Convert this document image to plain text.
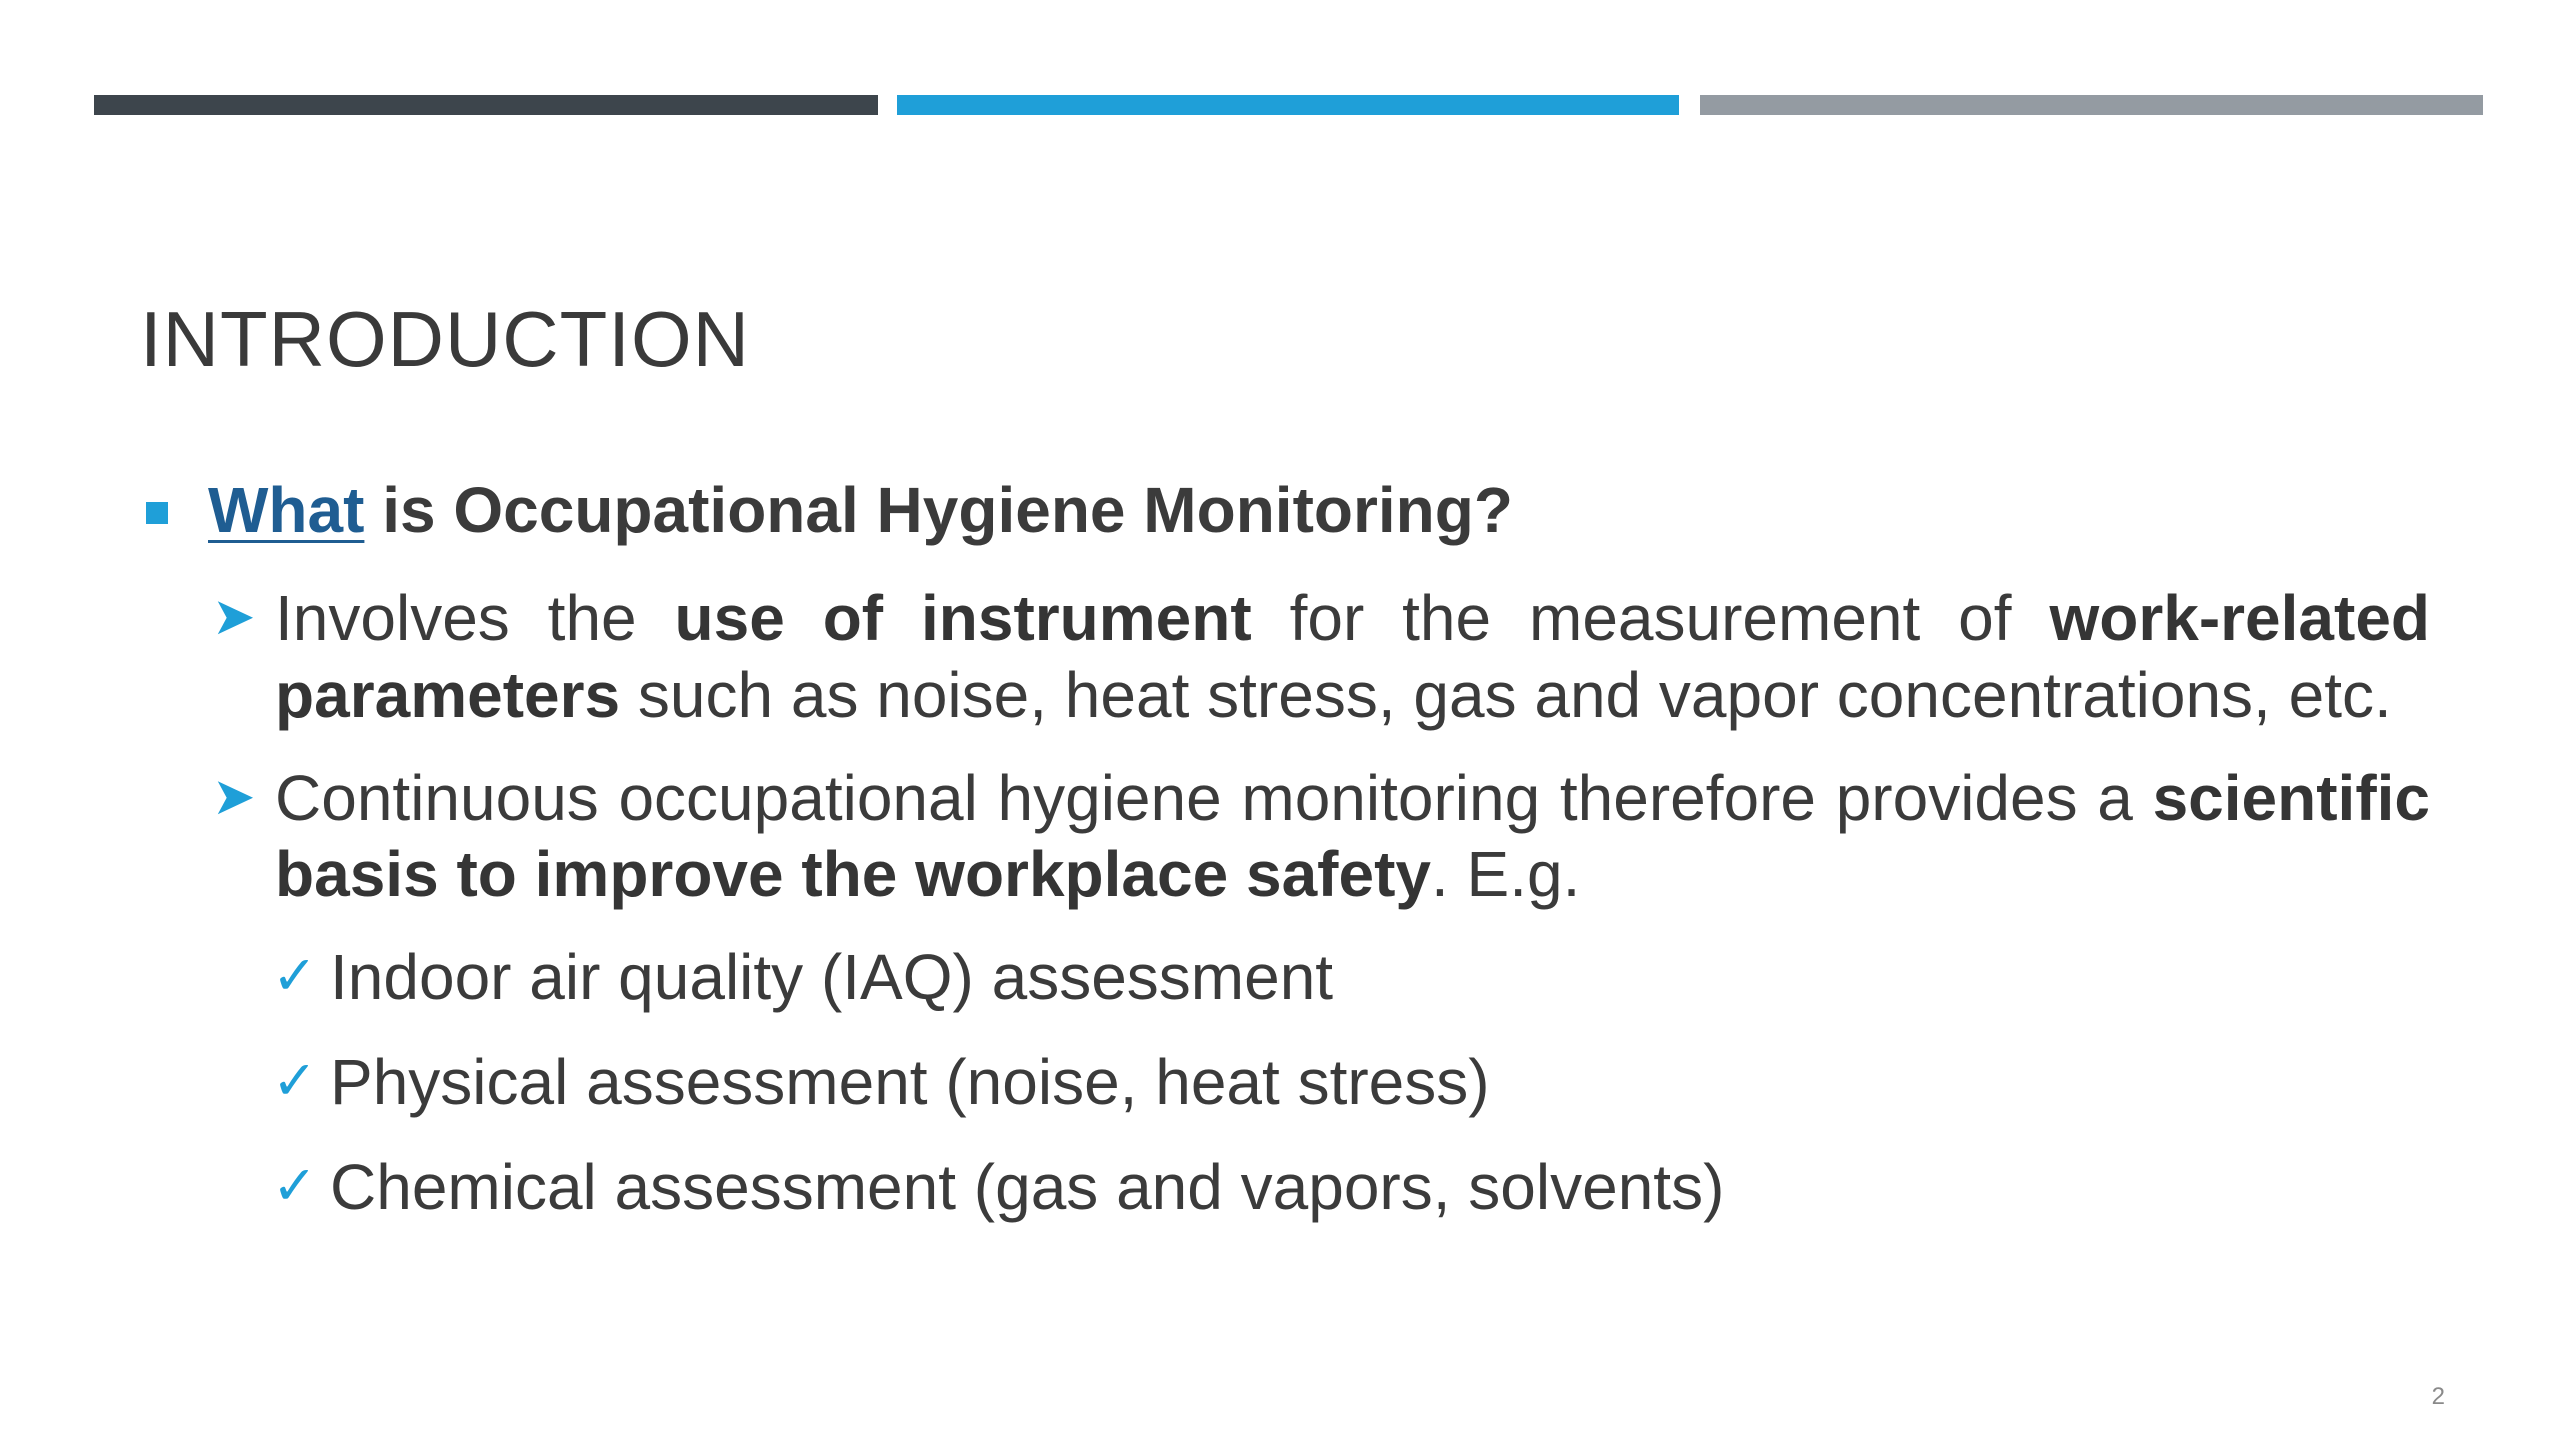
INTRODUCTION

What is Occupational Hygiene Monitoring?

➤ Involves the use of instrument for the measurement of work-related parameters such as noise, heat stress, gas and vapor concentrations, etc.

➤ Continuous occupational hygiene monitoring therefore provides a scientific basis to improve the workplace safety. E.g.

✓ Indoor air quality (IAQ) assessment

✓ Physical assessment (noise, heat stress)

✓ Chemical assessment (gas and vapors, solvents)

2
